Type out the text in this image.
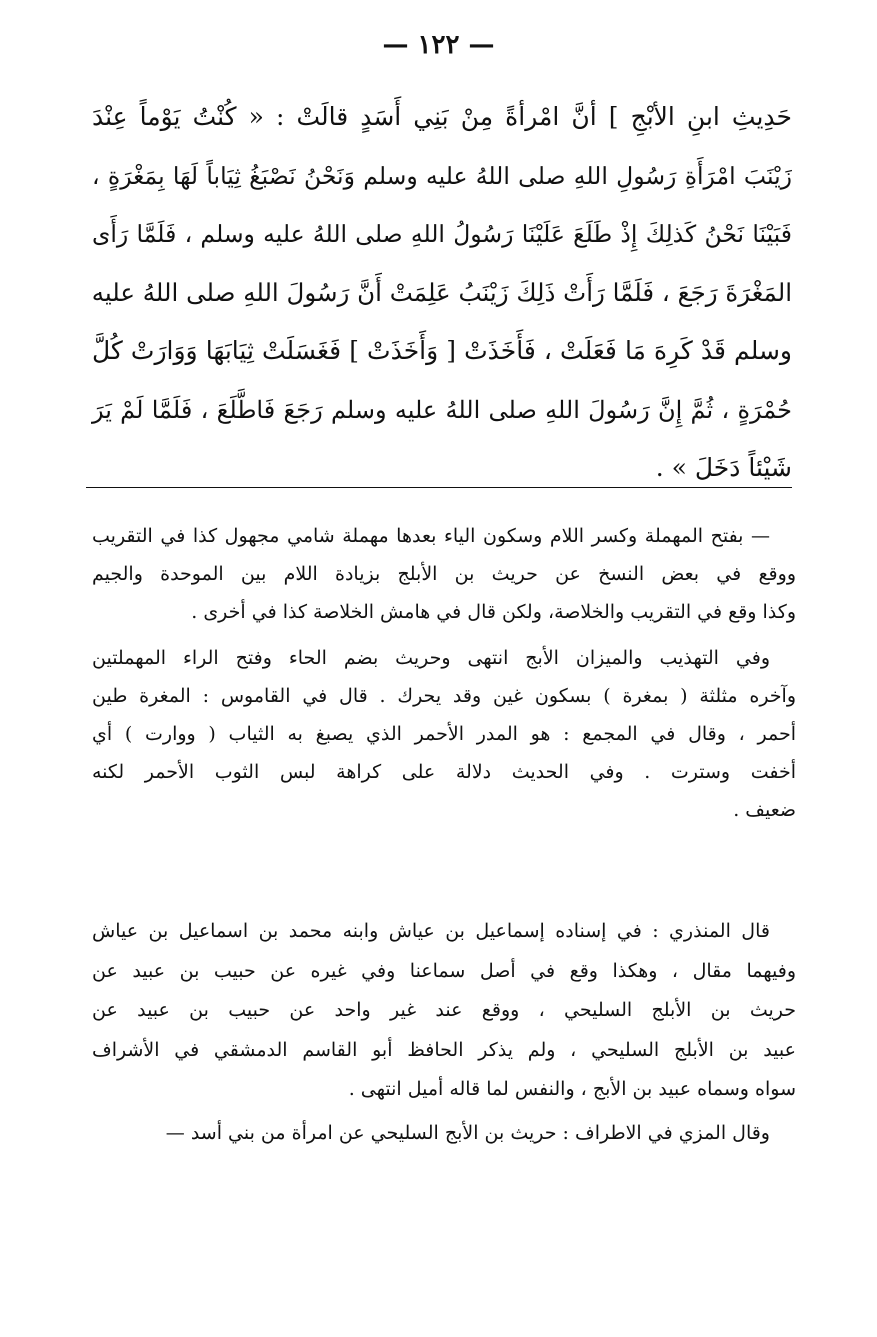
— ١٢٢ —
حَدِيثِ ابنِ الأبْجِ ] أنَّ امْرأةً مِنْ بَنِي أَسَدٍ قالَتْ : « كُنْتُ يَوْماً عِنْدَ
زَيْنَبَ امْرَأَةِ رَسُولِ اللهِ صلى اللهُ عليه وسلم وَنَحْنُ نَصْبَغُ ثِيَاباً لَهَا بِمَغْرَةٍ ،
فَبَيْنَا نَحْنُ كَذلِكَ إِذْ طَلَعَ عَلَيْنَا رَسُولُ اللهِ صلى اللهُ عليه وسلم ، فَلَمَّا رَأَى
المَغْرَةَ رَجَعَ ، فَلَمَّا رَأَتْ ذَلِكَ زَيْنَبُ عَلِمَتْ أَنَّ رَسُولَ اللهِ صلى اللهُ عليه
وسلم قَدْ كَرِهَ مَا فَعَلَتْ ، فَأَخَذَتْ [ وَأَخَذَتْ ] فَغَسَلَتْ ثِيَابَهَا وَوَارَتْ كُلَّ
حُمْرَةٍ ، ثُمَّ إِنَّ رَسُولَ اللهِ صلى اللهُ عليه وسلم رَجَعَ فَاطَّلَعَ ، فَلَمَّا لَمْ يَرَ
شَيْئاً دَخَلَ » .
— بفتح المهملة وكسر اللام وسكون الياء بعدها مهملة شامي مجهول كذا في التقريب
ووقع في بعض النسخ عن حريث بن الأبلج بزيادة اللام بين الموحدة والجيم
وكذا وقع في التقريب والخلاصة، ولكن قال في هامش الخلاصة كذا في أخرى .
وفي التهذيب والميزان الأبج انتهى وحريث بضم الحاء وفتح الراء المهملتين
وآخره مثلثة ( بمغرة ) بسكون غين وقد يحرك . قال في القاموس : المغرة طين
أحمر ، وقال في المجمع : هو المدر الأحمر الذي يصبغ به الثياب ( ووارت ) أي
أخفت وسترت . وفي الحديث دلالة على كراهة لبس الثوب الأحمر لكنه
ضعيف .
قال المنذري : في إسناده إسماعيل بن عياش وابنه محمد بن اسماعيل بن عياش
وفيهما مقال ، وهكذا وقع في أصل سماعنا وفي غيره عن حبيب بن عبيد عن
حريث بن الأبلج السليحي ، ووقع عند غير واحد عن حبيب بن عبيد عن
عبيد بن الأبلج السليحي ، ولم يذكر الحافظ أبو القاسم الدمشقي في الأشراف
سواه وسماه عبيد بن الأبج ، والنفس لما قاله أميل انتهى .
وقال المزي في الاطراف : حريث بن الأبج السليحي عن امرأة من بني أسد —
